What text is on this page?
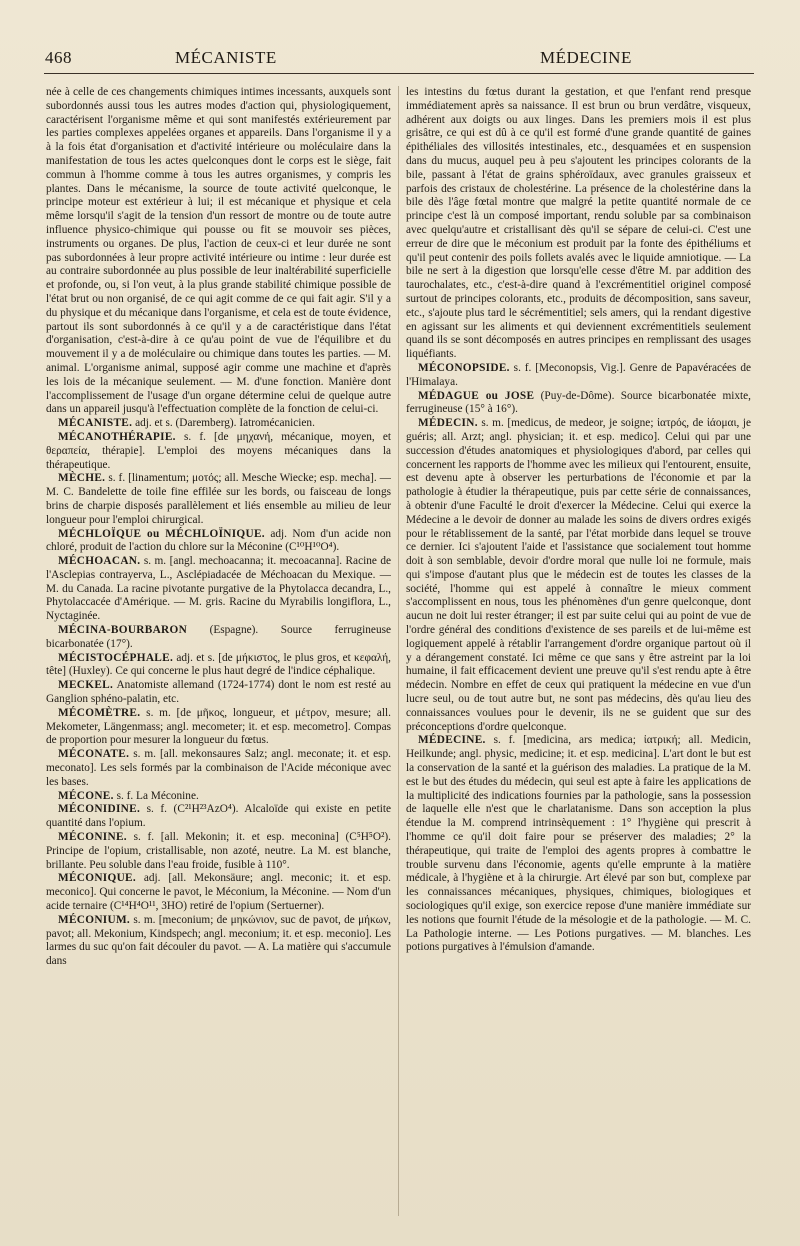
468	MÉCANISTE	MÉDECINE

née à celle de ces changements chimiques intimes incessants, auxquels sont subordonnés aussi tous les autres modes d'action qui, physiologiquement, caractérisent l'organisme même et qui sont manifestés extérieurement par les parties complexes appelées organes et appareils. Dans l'organisme il y a à la fois état d'organisation et d'activité intérieure ou moléculaire dans la manifestation de tous les actes quelconques dont le corps est le siège, fait commun à l'homme comme à tous les autres organismes, y compris les plantes. Dans le mécanisme, la source de toute activité quelconque, le principe moteur est extérieur à lui; il est mécanique et physique et cela même lorsqu'il s'agit de la tension d'un ressort de montre ou de toute autre influence physico-chimique qui pousse ou fit se mouvoir ses pièces, instruments ou organes. De plus, l'action de ceux-ci et leur durée ne sont pas subordonnées à leur propre activité intérieure ou intime : leur durée est au contraire subordonnée au plus possible de leur inaltérabilité superficielle et profonde, ou, si l'on veut, à la plus grande stabilité chimique possible de l'état brut ou non organisé, de ce qui agit comme de ce qui fait agir. S'il y a du physique et du mécanique dans l'organisme, et cela est de toute évidence, partout ils sont subordonnés à ce qu'il y a de caractéristique dans l'état d'organisation, c'est-à-dire à ce qu'au point de vue de l'équilibre et du mouvement il y a de moléculaire ou chimique dans toutes les parties. — M. animal. L'organisme animal, supposé agir comme une machine et d'après les lois de la mécanique seulement. — M. d'une fonction. Manière dont l'accomplissement de l'usage d'un organe détermine celui de quelque autre dans un appareil jusqu'à l'effectuation complète de la fonction de celui-ci.

MÉCANISTE. adj. et s. (Daremberg). Iatromécanicien.

MÉCANOTHÉRAPIE. s. f. [de μηχανή, mécanique, moyen, et θεραπεία, thérapie]. L'emploi des moyens mécaniques dans la thérapeutique.

MÈCHE. s. f. [linamentum; μοτός; all. Mesche Wiecke; esp. mecha]. — M. C. Bandelette de toile fine effilée sur les bords, ou faisceau de longs brins de charpie disposés parallèlement et liés ensemble au milieu de leur longueur pour l'emploi chirurgical.

MÉCHLOÏQUE ou MÉCHLOÏNIQUE. adj. Nom d'un acide non chloré, produit de l'action du chlore sur la Méconine (C¹⁰H¹⁰O⁴).

MÉCHOACAN. s. m. [angl. mechoacanna; it. mecoacanna]. Racine de l'Asclepias contrayerva, L., Asclépiadacée de Méchoacan du Mexique. — M. du Canada. La racine pivotante purgative de la Phytolacca decandra, L., Phytolaccacée d'Amérique. — M. gris. Racine du Myrabilis longiflora, L., Nyctaginée.

MÉCINA-BOURBARON (Espagne). Source ferrugineuse bicarbonatée (17°).

MÉCISTOCÉPHALE. adj. et s. [de μήκιστος, le plus gros, et κεφαλή, tête] (Huxley). Ce qui concerne le plus haut degré de l'indice céphalique.

MECKEL. Anatomiste allemand (1724-1774) dont le nom est resté au Ganglion sphéno-palatin, etc.

MÉCOMÈTRE. s. m. [de μῆκος, longueur, et μέτρον, mesure; all. Mekometer, Längenmass; angl. mecometer; it. et esp. mecometro]. Compas de proportion pour mesurer la longueur du fœtus.

MÉCONATE. s. m. [all. mekonsaures Salz; angl. meconate; it. et esp. meconato]. Les sels formés par la combinaison de l'Acide méconique avec les bases.

MÉCONE. s. f. La Méconine.

MÉCONIDINE. s. f. (C²¹H²³AzO⁴). Alcaloïde qui existe en petite quantité dans l'opium.

MÉCONINE. s. f. [all. Mekonin; it. et esp. meconina] (C⁵H⁵O²). Principe de l'opium, cristallisable, non azoté, neutre. La M. est blanche, brillante. Peu soluble dans l'eau froide, fusible à 110°.

MÉCONIQUE. adj. [all. Mekonsäure; angl. meconic; it. et esp. meconico]. Qui concerne le pavot, le Méconium, la Méconine. — Nom d'un acide ternaire (C¹⁴H⁴O¹¹, 3HO) retiré de l'opium (Sertuerner).

MÉCONIUM. s. m. [meconium; de μηκώνιον, suc de pavot, de μήκων, pavot; all. Mekonium, Kindspech; angl. meconium; it. et esp. meconio]. Les larmes du suc qu'on fait découler du pavot. — A. La matière qui s'accumule dans

les intestins du fœtus durant la gestation, et que l'enfant rend presque immédiatement après sa naissance. Il est brun ou brun verdâtre, visqueux, adhérent aux doigts ou aux linges. Dans les premiers mois il est plus grisâtre, ce qui est dû à ce qu'il est formé d'une grande quantité de gaines épithéliales des villosités intestinales, etc., desquamées et en suspension dans du mucus, auquel peu à peu s'ajoutent les principes colorants de la bile, passant à l'état de grains sphéroïdaux, avec granules graisseux et parfois des cristaux de cholestérine. La présence de la cholestérine dans la bile dès l'âge fœtal montre que malgré la petite quantité normale de ce principe c'est là un composé important, rendu soluble par sa combinaison avec quelqu'autre et cristallisant dès qu'il se sépare de celui-ci. C'est une erreur de dire que le méconium est produit par la fonte des épithéliums et qu'il peut contenir des poils follets avalés avec le liquide amniotique. — La bile ne sert à la digestion que lorsqu'elle cesse d'être M. par addition des taurochalates, etc., c'est-à-dire quand à l'excrémentitiel originel composé surtout de principes colorants, etc., produits de décomposition, sans saveur, etc., s'ajoute plus tard le sécrémentitiel; sels amers, qui la rendant digestive en agissant sur les aliments et qui deviennent excrémentitiels seulement quand ils se sont décomposés en autres principes en remplissant des usages liquéfiants.

MÉCONOPSIDE. s. f. [Meconopsis, Vig.]. Genre de Papavéracées de l'Himalaya.

MÉDAGUE ou JOSE (Puy-de-Dôme). Source bicarbonatée mixte, ferrugineuse (15° à 16°).

MÉDECIN. s. m. [medicus, de medeor, je soigne; ἰατρός, de ἰάομαι, je guéris; all. Arzt; angl. physician; it. et esp. medico]. Celui qui par une succession d'études anatomiques et physiologiques d'abord, par celles qui concernent les rapports de l'homme avec les milieux qui l'entourent, ensuite, est devenu apte à observer les perturbations de l'économie et par la pathologie à étudier la thérapeutique, puis par cette série de connaissances, à obtenir d'une Faculté le droit d'exercer la Médecine. Celui qui exerce la Médecine a le devoir de donner au malade les soins de divers ordres exigés pour le rétablissement de la santé, par l'état morbide dans lequel se trouve ce dernier. Ici s'ajoutent l'aide et l'assistance que socialement tout homme doit à son semblable, devoir d'ordre moral que nulle loi ne formule, mais qui s'impose d'autant plus que le médecin est de toutes les classes de la société, l'homme qui est appelé à connaître le mieux comment s'accomplissent en nous, tous les phénomènes d'un genre quelconque, dont aucun ne doit lui rester étranger; il est par suite celui qui au point de vue de l'ordre général des conditions d'existence de ses pareils et de lui-même est logiquement appelé à rétablir l'arrangement d'ordre organique partout où il y a dérangement constaté. Ici même ce que sans y être astreint par la loi humaine, il fait efficacement devient une preuve qu'il s'est rendu apte à être médecin. Nombre en effet de ceux qui pratiquent la médecine en vue d'un lucre seul, ou de tout autre but, ne sont pas médecins, dès qu'au lieu des connaissances voulues pour le devenir, ils ne se guident que sur des préconceptions d'ordre quelconque.

MÉDECINE. s. f. [medicina, ars medica; ἰατρική; all. Medicin, Heilkunde; angl. physic, medicine; it. et esp. medicina]. L'art dont le but est la conservation de la santé et la guérison des maladies. La pratique de la M. est le but des études du médecin, qui seul est apte à faire les applications de la multiplicité des indications fournies par la pathologie, sans la possession de laquelle elle n'est que le charlatanisme. Dans son acception la plus étendue la M. comprend intrinsèquement : 1° l'hygiène qui prescrit à l'homme ce qu'il doit faire pour se préserver des maladies; 2° la thérapeutique, qui traite de l'emploi des agents propres à combattre le trouble survenu dans l'économie, agents qu'elle emprunte à la matière médicale, à l'hygiène et à la chirurgie. Art élevé par son but, complexe par les connaissances mécaniques, physiques, chimiques, biologiques et sociologiques qu'il exige, son exercice repose d'une manière immédiate sur les notions que fournit l'étude de la mésologie et de la pathologie. — M. C. La Pathologie interne. — Les Potions purgatives. — M. blanches. Les potions purgatives à l'émulsion d'amande.
